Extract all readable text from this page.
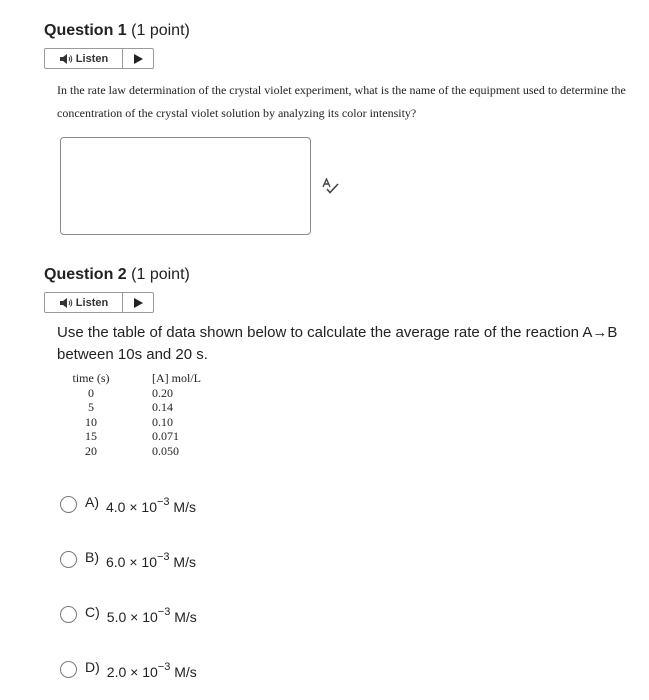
Question 1 (1 point)
Listen
In the rate law determination of the crystal violet experiment, what is the name of the equipment used to determine the concentration of the crystal violet solution by analyzing its color intensity?
Question 2 (1 point)
Listen
Use the table of data shown below to calculate the average rate of the reaction A→B between 10s and 20 s.
time (s)	[A] mol/L
0	0.20
5	0.14
10	0.10
15	0.071
20	0.050
A) $4.0 \times 10^{-3}$ M/s
B) $6.0 \times 10^{-3}$ M/s
C) $5.0 \times 10^{-3}$ M/s
D) $2.0 \times 10^{-3}$ M/s
